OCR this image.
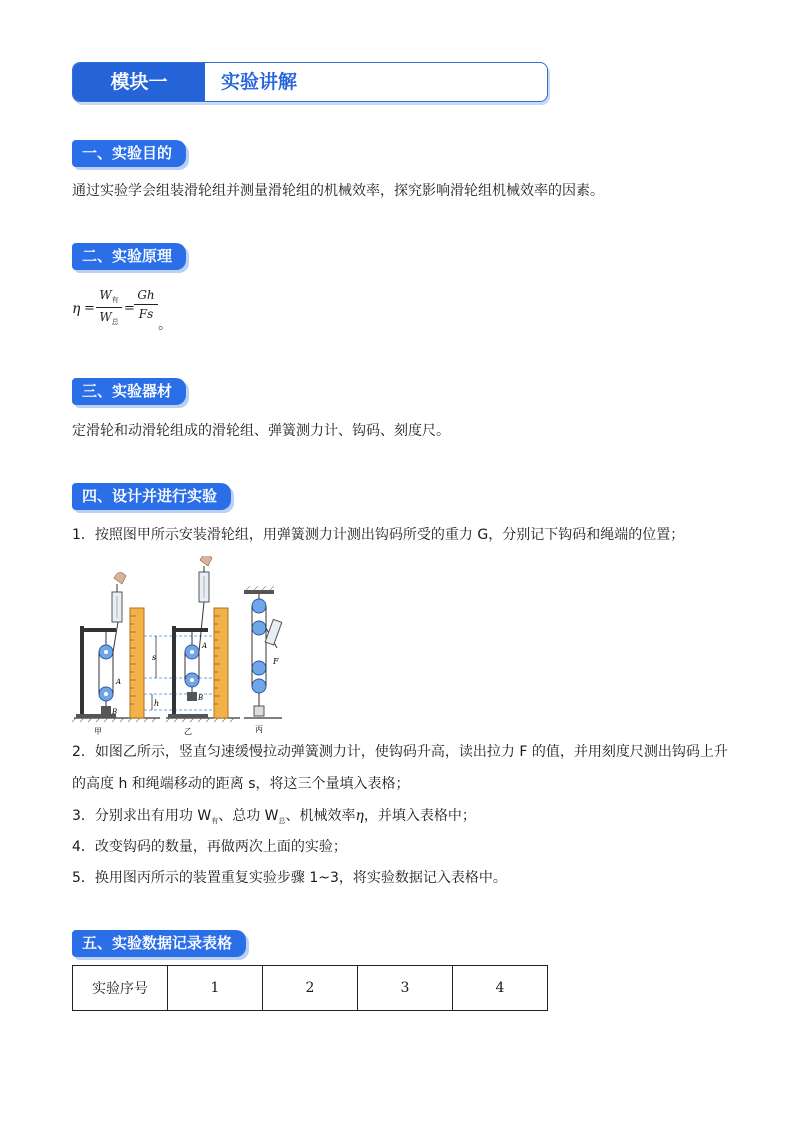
模块一	实验讲解
一、实验目的
通过实验学会组装滑轮组并测量滑轮组的机械效率，探究影响滑轮组机械效率的因素。
二、实验原理
η =
$W_有$
$W_总$
=
Gh
Fs
。
三、实验器材
定滑轮和动滑轮组成的滑轮组、弹簧测力计、钩码、刻度尺。
四、设计并进行实验
1．按照图甲所示安装滑轮组，用弹簧测力计测出钩码所受的重力 G，分别记下钩码和绳端的位置；
A
B
A
B
s
h
F
甲	乙	丙
2．如图乙所示，竖直匀速缓慢拉动弹簧测力计，使钩码升高，读出拉力 F 的值，并用刻度尺测出钩码上升
的高度 h 和绳端移动的距离 s，将这三个量填入表格；
3．分别求出有用功 $W_有$、总功 $W_总$、机械效率η，并填入表格中；
4．改变钩码的数量，再做两次上面的实验；
5．换用图丙所示的装置重复实验步骤 1~3，将实验数据记入表格中。
五、实验数据记录表格
实验序号	1	2	3	4
